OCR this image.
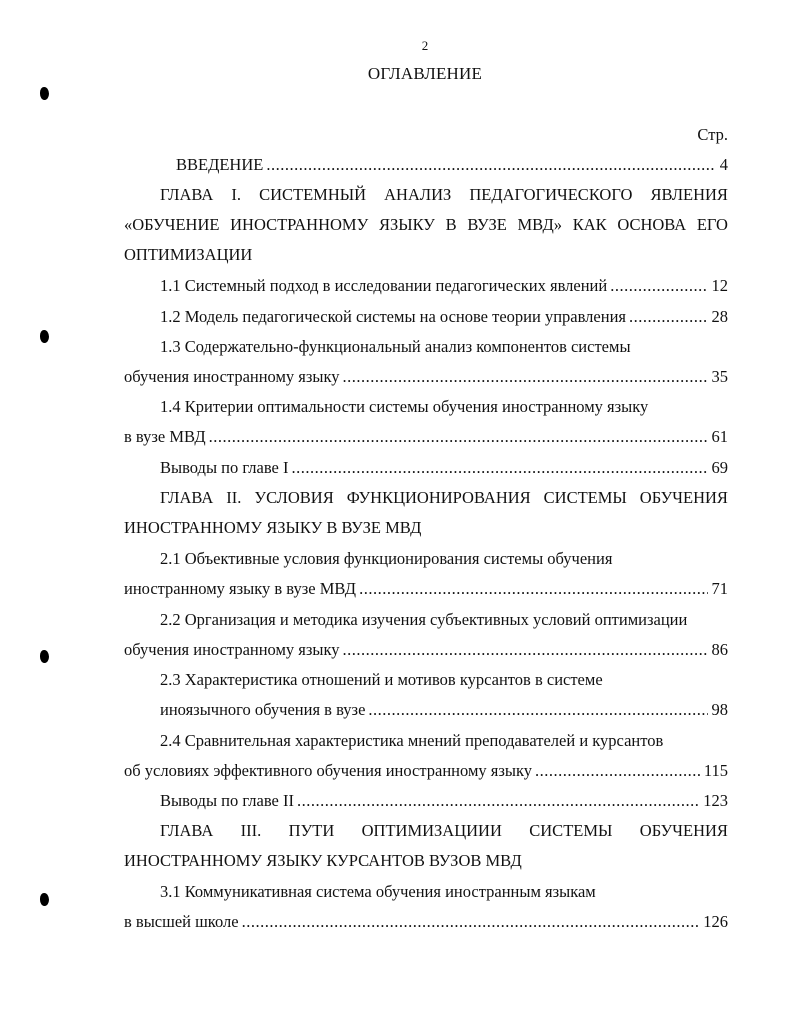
2
ОГЛАВЛЕНИЕ
Стр.
ВВЕДЕНИЕ .....	4
ГЛАВА I. СИСТЕМНЫЙ АНАЛИЗ ПЕДАГОГИЧЕСКОГО ЯВЛЕНИЯ
«ОБУЧЕНИЕ ИНОСТРАННОМУ ЯЗЫКУ В ВУЗЕ МВД» КАК ОСНОВА ЕГО
ОПТИМИЗАЦИИ
1.1 Системный подход в исследовании педагогических явлений .....	12
1.2 Модель педагогической системы на основе теории управления .....	28
1.3 Содержательно-функциональный анализ компонентов системы
обучения иностранному языку .....	35
1.4 Критерии оптимальности системы обучения иностранному языку
в вузе МВД .....	61
Выводы по главе I .....	69
ГЛАВА II. УСЛОВИЯ ФУНКЦИОНИРОВАНИЯ СИСТЕМЫ ОБУЧЕНИЯ
ИНОСТРАННОМУ ЯЗЫКУ В ВУЗЕ МВД
2.1 Объективные условия функционирования системы обучения
иностранному языку в вузе МВД .....	71
2.2 Организация и методика изучения субъективных условий оптимизации
обучения иностранному языку .....	86
2.3 Характеристика отношений и мотивов курсантов в системе
иноязычного обучения в вузе .....	98
2.4 Сравнительная характеристика мнений преподавателей и курсантов
об условиях эффективного обучения иностранному языку .....	115
Выводы по главе II .....	123
ГЛАВА III. ПУТИ ОПТИМИЗАЦИИИ СИСТЕМЫ ОБУЧЕНИЯ
ИНОСТРАННОМУ ЯЗЫКУ КУРСАНТОВ ВУЗОВ МВД
3.1 Коммуникативная система обучения иностранным языкам
в высшей школе .....	126
